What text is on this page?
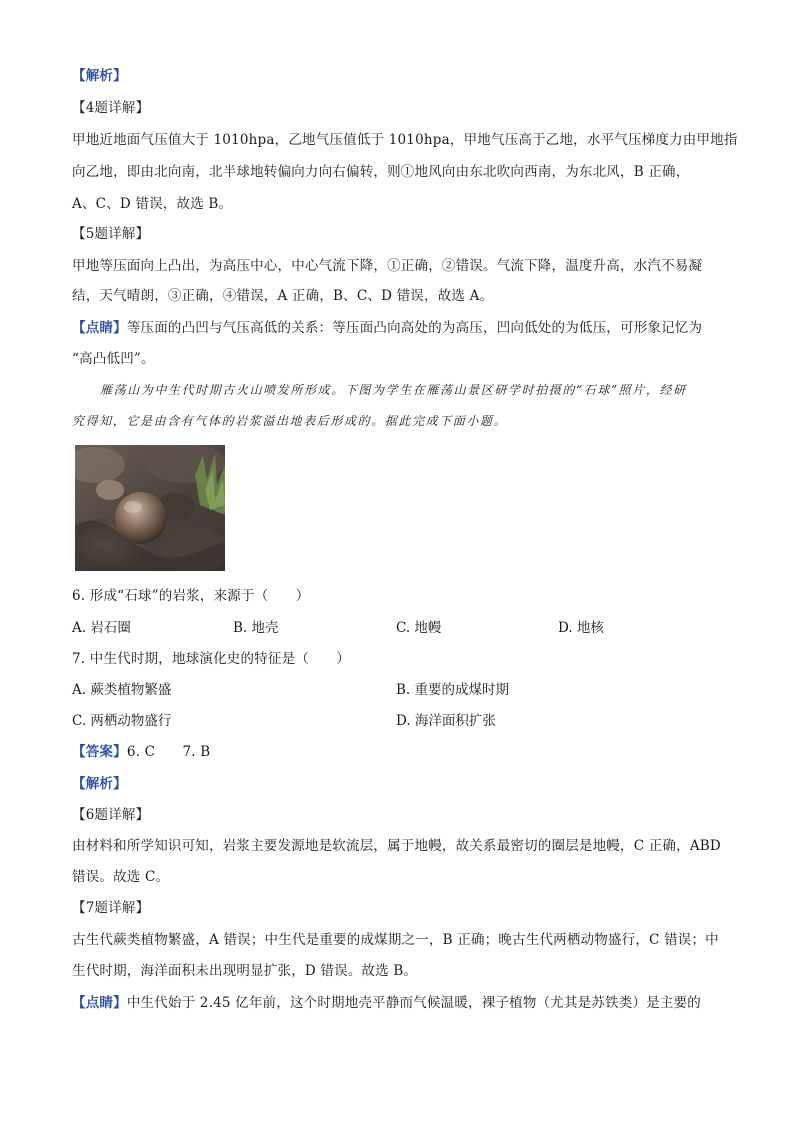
【解析】
【4题详解】
甲地近地面气压值大于 1010hpa，乙地气压值低于 1010hpa，甲地气压高于乙地，水平气压梯度力由甲地指
向乙地，即由北向南，北半球地转偏向力向右偏转，则①地风向由东北吹向西南，为东北风，B 正确，
A、C、D 错误，故选 B。
【5题详解】
甲地等压面向上凸出，为高压中心，中心气流下降，①正确，②错误。气流下降，温度升高，水汽不易凝
结，天气晴朗，③正确，④错误，A 正确，B、C、D 错误，故选 A。
【点睛】等压面的凸凹与气压高低的关系：等压面凸向高处的为高压，凹向低处的为低压，可形象记忆为
“高凸低凹”。
雁荡山为中生代时期古火山喷发所形成。下图为学生在雁荡山景区研学时拍摄的“石球”照片，经研
究得知，它是由含有气体的岩浆溢出地表后形成的。据此完成下面小题。
6. 形成“石球”的岩浆，来源于（　　）
A. 岩石圈	B. 地壳	C. 地幔	D. 地核
7. 中生代时期，地球演化史的特征是（　　）
A. 蕨类植物繁盛	B. 重要的成煤时期
C. 两栖动物盛行	D. 海洋面积扩张
【答案】6. C　　7. B
【解析】
【6题详解】
由材料和所学知识可知，岩浆主要发源地是软流层，属于地幔，故关系最密切的圈层是地幔，C 正确，ABD
错误。故选 C。
【7题详解】
古生代蕨类植物繁盛，A 错误；中生代是重要的成煤期之一，B 正确；晚古生代两栖动物盛行，C 错误；中
生代时期，海洋面积未出现明显扩张，D 错误。故选 B。
【点睛】中生代始于 2.45 亿年前，这个时期地壳平静而气候温暖，裸子植物（尤其是苏铁类）是主要的
